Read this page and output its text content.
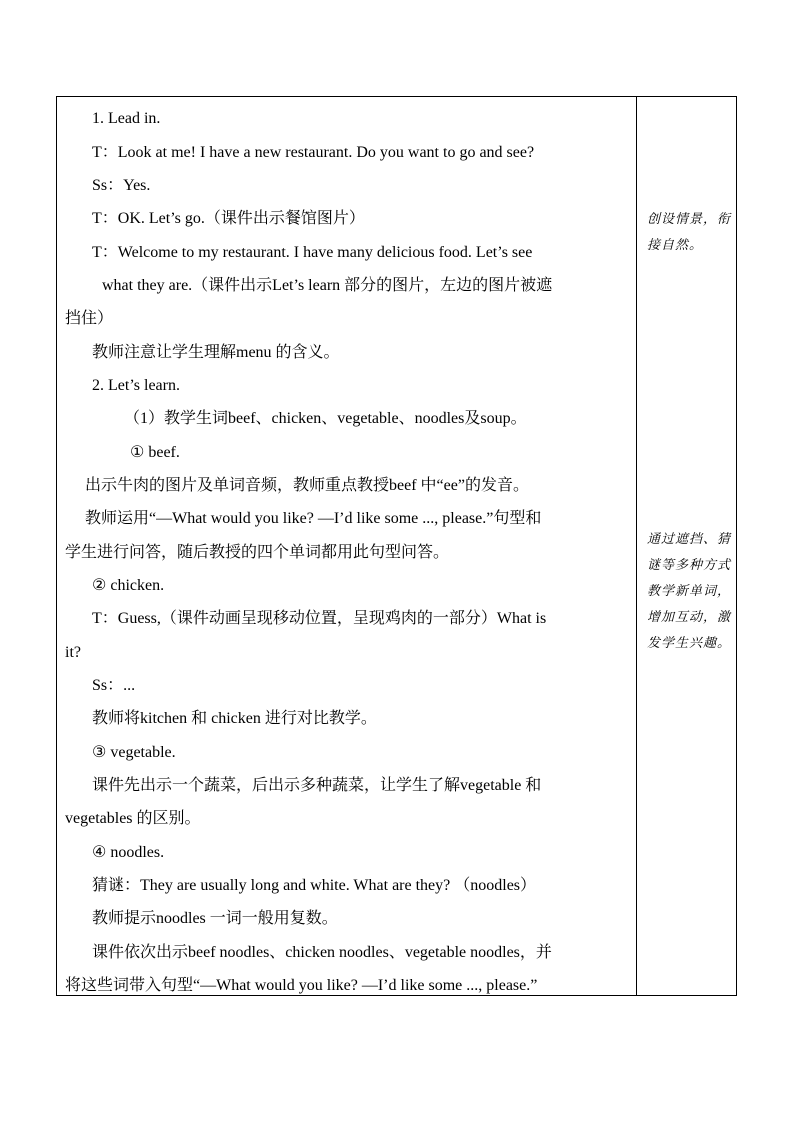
1. Lead in.
T：Look at me! I have a new restaurant. Do you want to go and see?
Ss：Yes.
T：OK. Let’s go.（课件出示餐馆图片）
T：Welcome to my restaurant. I have many delicious food. Let’s see
what they are.（课件出示Let’s learn 部分的图片，左边的图片被遮
挡住）
教师注意让学生理解menu 的含义。
2. Let’s learn.
（1）教学生词beef、chicken、vegetable、noodles及soup。
① beef.
出示牛肉的图片及单词音频，教师重点教授beef 中“ee”的发音。
教师运用“—What would you like? —I’d like some ..., please.”句型和
学生进行问答，随后教授的四个单词都用此句型问答。
② chicken.
T：Guess,（课件动画呈现移动位置，呈现鸡肉的一部分）What is
it?
Ss：...
教师将kitchen 和 chicken 进行对比教学。
③ vegetable.
课件先出示一个蔬菜，后出示多种蔬菜，让学生了解vegetable 和
vegetables 的区别。
④ noodles.
猜谜：They are usually long and white. What are they? （noodles）
教师提示noodles 一词一般用复数。
课件依次出示beef noodles、chicken noodles、vegetable noodles，并
将这些词带入句型“—What would you like? —I’d like some ..., please.”
创设情景，衔接自然。
通过遮挡、猜谜等多种方式教学新单词，增加互动，激发学生兴趣。
